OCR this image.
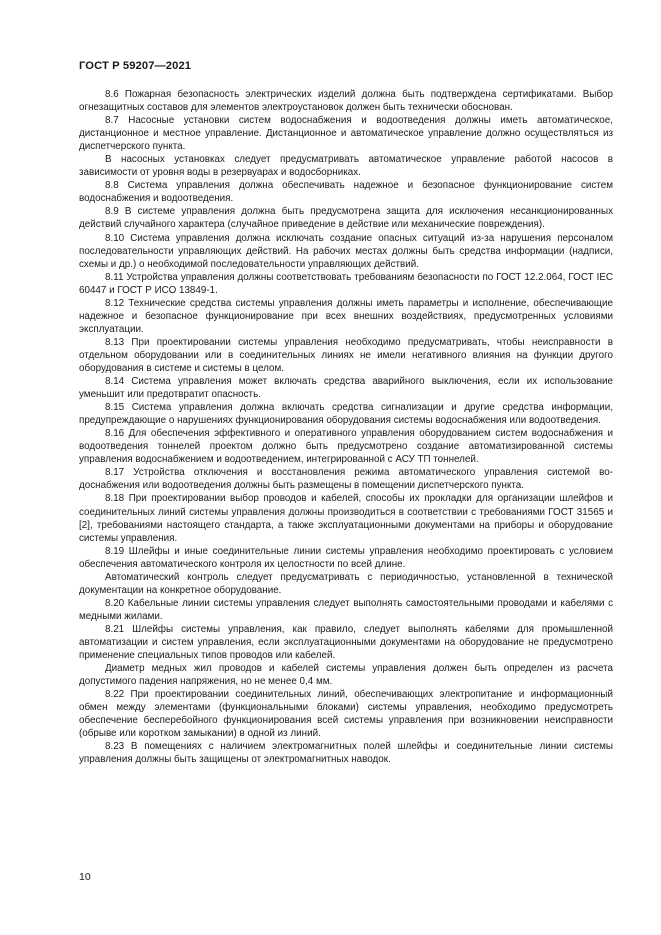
ГОСТ Р 59207—2021

8.6 Пожарная безопасность электрических изделий должна быть подтверждена сертификатами. Выбор огнезащитных составов для элементов электроустановок должен быть технически обоснован.

8.7 Насосные установки систем водоснабжения и водоотведения должны иметь автоматическое, дистанционное и местное управление. Дистанционное и автоматическое управление должно осуществляться из диспетчерского пункта.

В насосных установках следует предусматривать автоматическое управление работой насосов в зависимости от уровня воды в резервуарах и водосборниках.

8.8 Система управления должна обеспечивать надежное и безопасное функционирование систем водоснабжения и водоотведения.

8.9 В системе управления должна быть предусмотрена защита для исключения несанкционированных действий случайного характера (случайное приведение в действие или механические повреждения).

8.10 Система управления должна исключать создание опасных ситуаций из-за нарушения персоналом последовательности управляющих действий. На рабочих местах должны быть средства информации (надписи, схемы и др.) о необходимой последовательности управляющих действий.

8.11 Устройства управления должны соответствовать требованиям безопасности по ГОСТ 12.2.064, ГОСТ IEC 60447 и ГОСТ Р ИСО 13849-1.

8.12 Технические средства системы управления должны иметь параметры и исполнение, обеспечивающие надежное и безопасное функционирование при всех внешних воздействиях, предусмотренных условиями эксплуатации.

8.13 При проектировании системы управления необходимо предусматривать, чтобы неисправности в отдельном оборудовании или в соединительных линиях не имели негативного влияния на функции другого оборудования в системе и системы в целом.

8.14 Система управления может включать средства аварийного выключения, если их использование уменьшит или предотвратит опасность.

8.15 Система управления должна включать средства сигнализации и другие средства информации, предупреждающие о нарушениях функционирования оборудования системы водоснабжения или водоотведения.

8.16 Для обеспечения эффективного и оперативного управления оборудованием систем водоснабжения и водоотведения тоннелей проектом должно быть предусмотрено создание автоматизированной системы управления водоснабжением и водоотведением, интегрированной с АСУ ТП тоннелей.

8.17 Устройства отключения и восстановления режима автоматического управления системой водоснабжения или водоотведения должны быть размещены в помещении диспетчерского пункта.

8.18 При проектировании выбор проводов и кабелей, способы их прокладки для организации шлейфов и соединительных линий системы управления должны производиться в соответствии с требованиями ГОСТ 31565 и [2], требованиями настоящего стандарта, а также эксплуатационными документами на приборы и оборудование системы управления.

8.19 Шлейфы и иные соединительные линии системы управления необходимо проектировать с условием обеспечения автоматического контроля их целостности по всей длине.

Автоматический контроль следует предусматривать с периодичностью, установленной в технической документации на конкретное оборудование.

8.20 Кабельные линии системы управления следует выполнять самостоятельными проводами и кабелями с медными жилами.

8.21 Шлейфы системы управления, как правило, следует выполнять кабелями для промышленной автоматизации и систем управления, если эксплуатационными документами на оборудование не предусмотрено применение специальных типов проводов или кабелей.

Диаметр медных жил проводов и кабелей системы управления должен быть определен из расчета допустимого падения напряжения, но не менее 0,4 мм.

8.22 При проектировании соединительных линий, обеспечивающих электропитание и информационный обмен между элементами (функциональными блоками) системы управления, необходимо предусмотреть обеспечение бесперебойного функционирования всей системы управления при возникновении неисправности (обрыве или коротком замыкании) в одной из линий.

8.23 В помещениях с наличием электромагнитных полей шлейфы и соединительные линии системы управления должны быть защищены от электромагнитных наводок.

10
